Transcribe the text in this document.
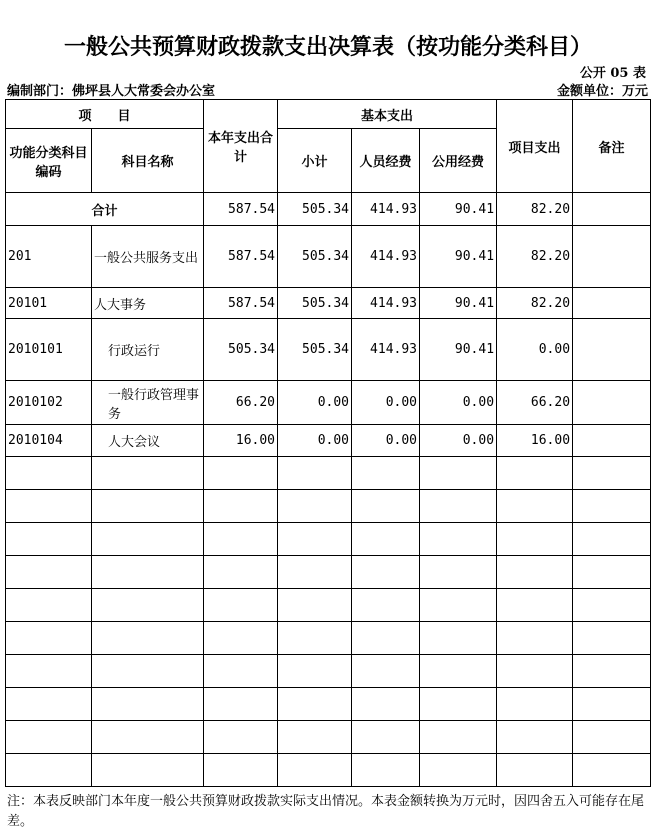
一般公共预算财政拨款支出决算表（按功能分类科目）
公开 05 表
编制部门：佛坪县人大常委会办公室	金额单位：万元
项　　目		本年支出合计	基本支出			项目支出	备注
功能分类科目编码	科目名称		小计	人员经费	公用经费		
合计		587.54	505.34	414.93	90.41	82.20	
201	一般公共服务支出	587.54	505.34	414.93	90.41	82.20	
20101	人大事务	587.54	505.34	414.93	90.41	82.20	
2010101	行政运行	505.34	505.34	414.93	90.41	0.00	
2010102	一般行政管理事务	66.20	0.00	0.00	0.00	66.20	
2010104	人大会议	16.00	0.00	0.00	0.00	16.00	

注：本表反映部门本年度一般公共预算财政拨款实际支出情况。本表金额转换为万元时，因四舍五入可能存在尾差。
